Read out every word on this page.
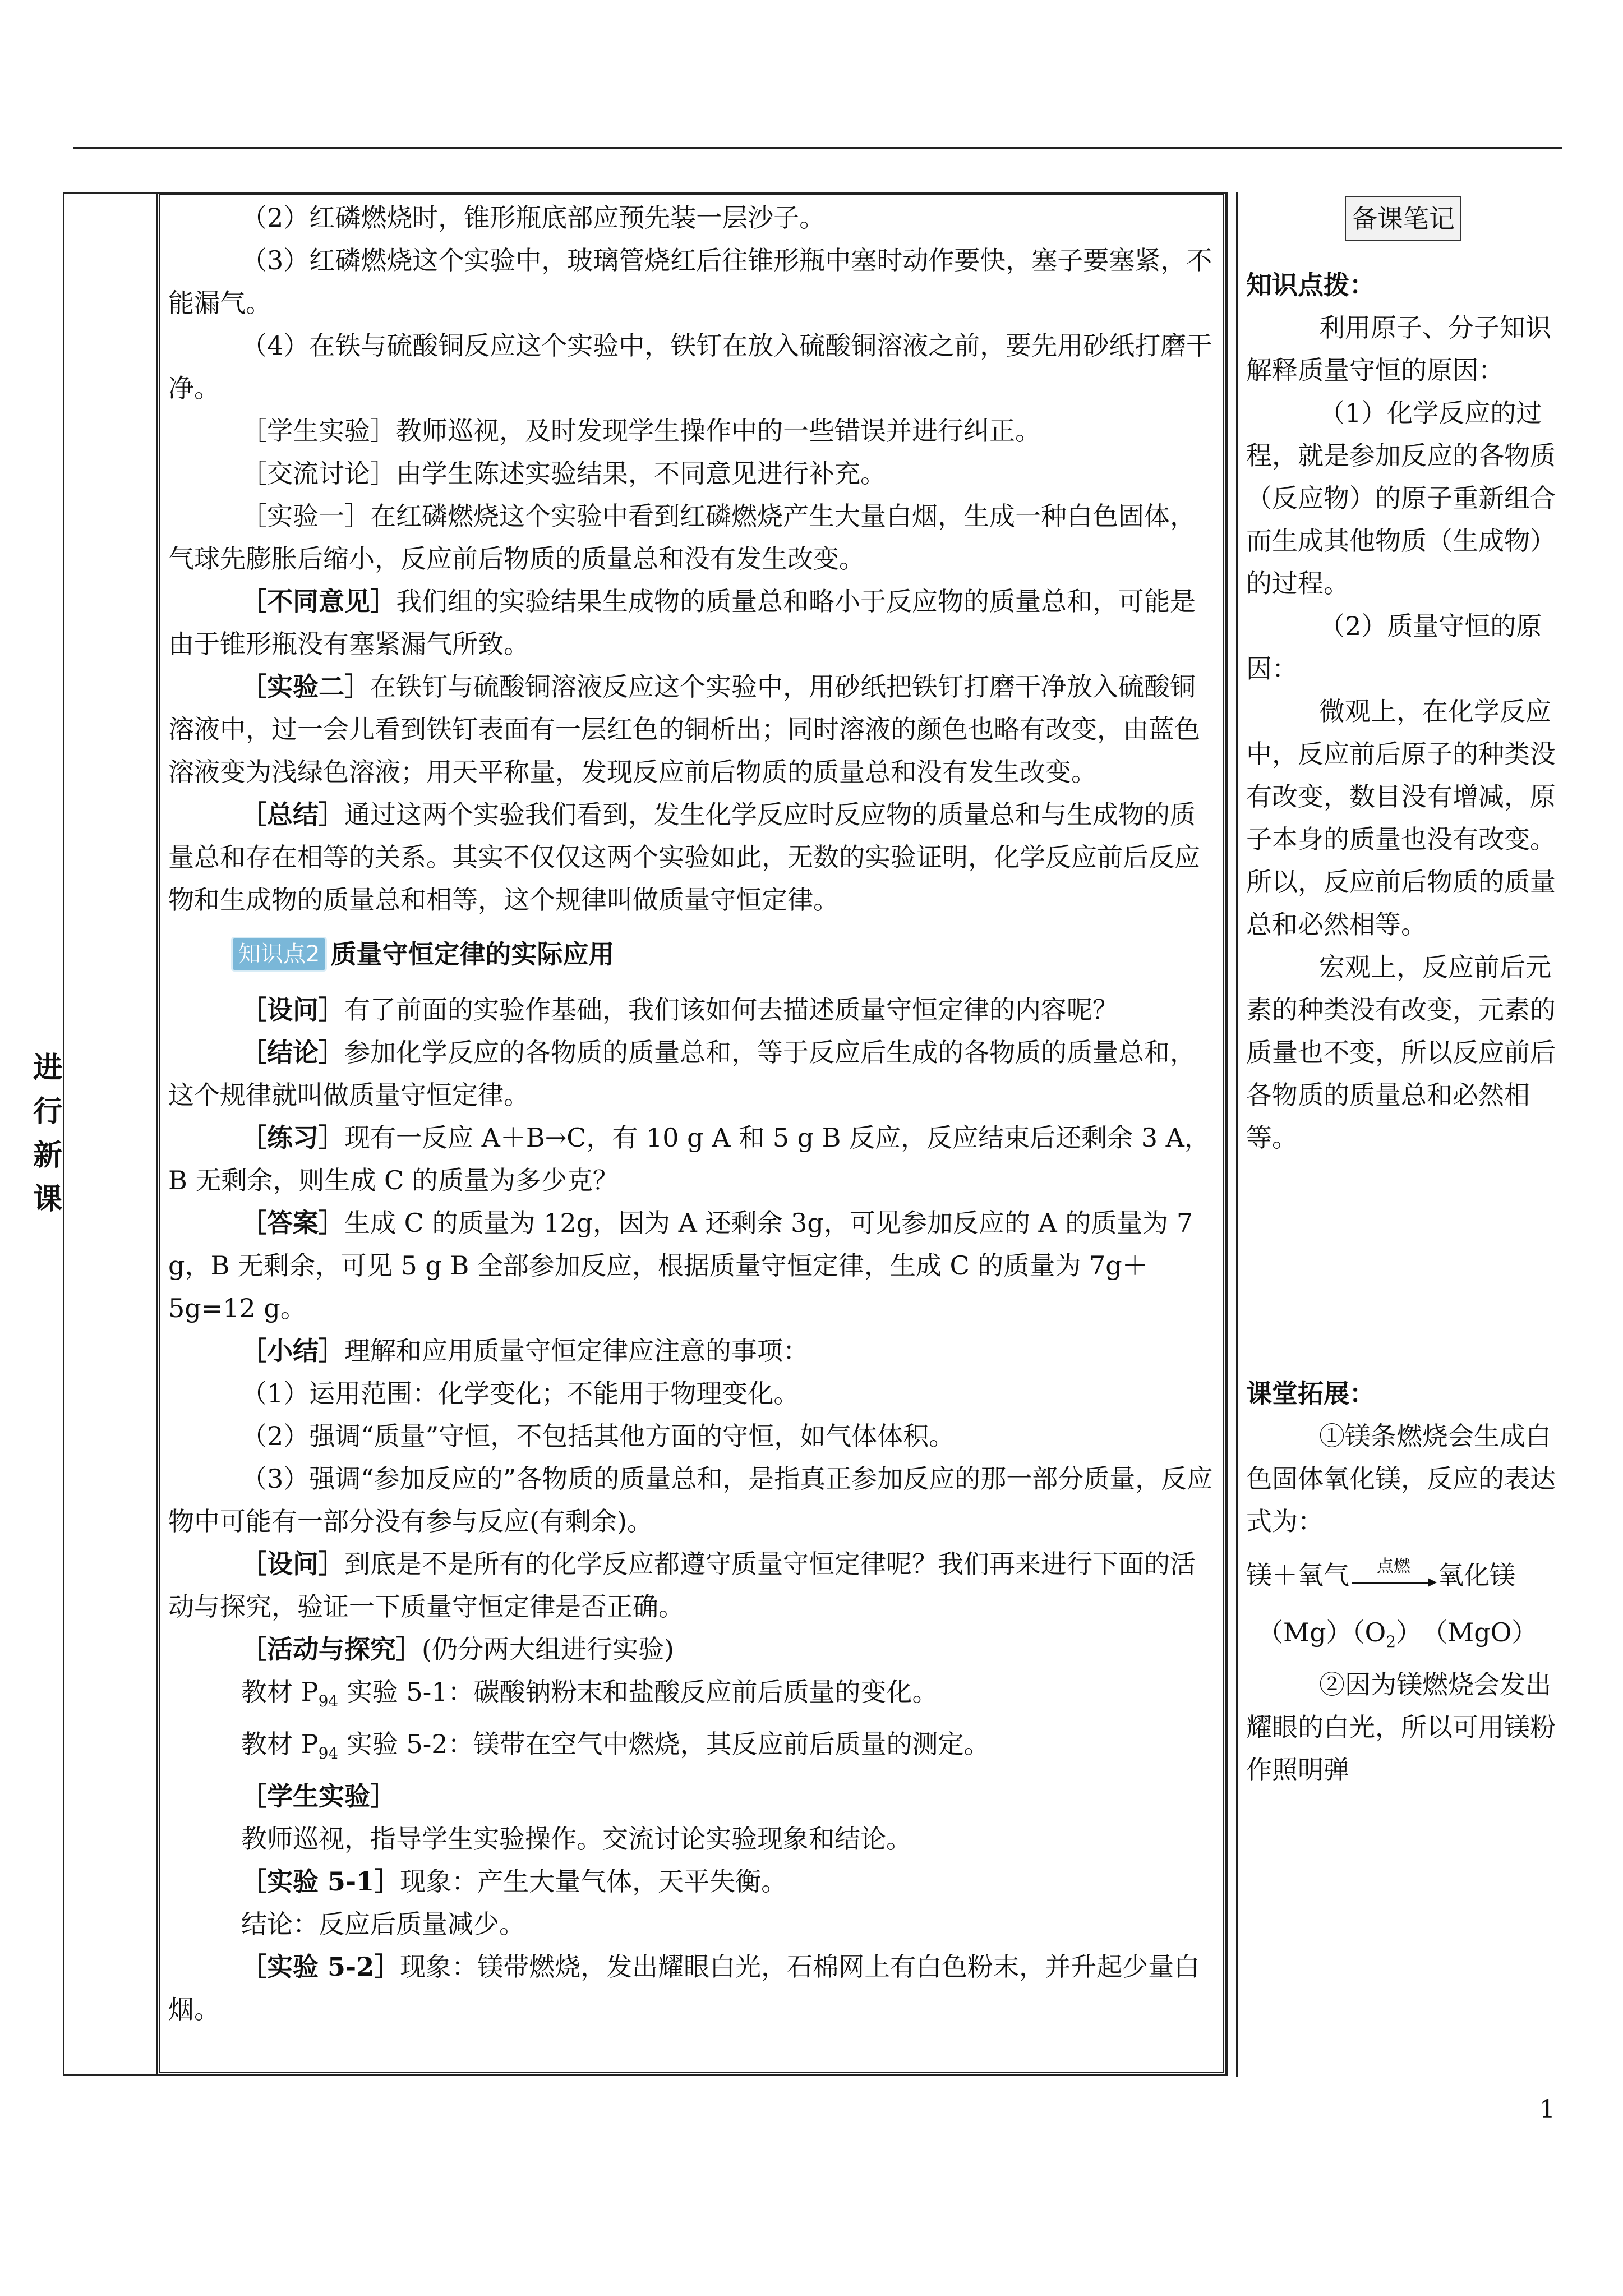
进
行
新
课

（2）红磷燃烧时，锥形瓶底部应预先装一层沙子。

（3）红磷燃烧这个实验中，玻璃管烧红后往锥形瓶中塞时动作要快，塞子要塞紧，不能漏气。

（4）在铁与硫酸铜反应这个实验中，铁钉在放入硫酸铜溶液之前，要先用砂纸打磨干净。

［学生实验］教师巡视，及时发现学生操作中的一些错误并进行纠正。

［交流讨论］由学生陈述实验结果，不同意见进行补充。

［实验一］在红磷燃烧这个实验中看到红磷燃烧产生大量白烟，生成一种白色固体，气球先膨胀后缩小，反应前后物质的质量总和没有发生改变。

［不同意见］我们组的实验结果生成物的质量总和略小于反应物的质量总和，可能是由于锥形瓶没有塞紧漏气所致。

［实验二］在铁钉与硫酸铜溶液反应这个实验中，用砂纸把铁钉打磨干净放入硫酸铜溶液中，过一会儿看到铁钉表面有一层红色的铜析出；同时溶液的颜色也略有改变，由蓝色溶液变为浅绿色溶液；用天平称量，发现反应前后物质的质量总和没有发生改变。

［总结］通过这两个实验我们看到，发生化学反应时反应物的质量总和与生成物的质量总和存在相等的关系。其实不仅仅这两个实验如此，无数的实验证明，化学反应前后反应物和生成物的质量总和相等，这个规律叫做质量守恒定律。

知识点2 质量守恒定律的实际应用

［设问］有了前面的实验作基础，我们该如何去描述质量守恒定律的内容呢？

［结论］参加化学反应的各物质的质量总和，等于反应后生成的各物质的质量总和，这个规律就叫做质量守恒定律。

［练习］现有一反应 A＋B→C，有 10 g A 和 5 g B 反应，反应结束后还剩余 3 A，B 无剩余，则生成 C 的质量为多少克？

［答案］生成 C 的质量为 12g，因为 A 还剩余 3g，可见参加反应的 A 的质量为 7 g，B 无剩余，可见 5 g B 全部参加反应，根据质量守恒定律，生成 C 的质量为 7g＋5g=12 g。

［小结］理解和应用质量守恒定律应注意的事项：

（1）运用范围：化学变化；不能用于物理变化。

（2）强调“质量”守恒，不包括其他方面的守恒，如气体体积。

（3）强调“参加反应的”各物质的质量总和，是指真正参加反应的那一部分质量，反应物中可能有一部分没有参与反应(有剩余)。

［设问］到底是不是所有的化学反应都遵守质量守恒定律呢？我们再来进行下面的活动与探究，验证一下质量守恒定律是否正确。

［活动与探究］(仍分两大组进行实验)

教材 $P_{94}$ 实验 5-1：碳酸钠粉末和盐酸反应前后质量的变化。

教材 $P_{94}$ 实验 5-2：镁带在空气中燃烧，其反应前后质量的测定。

［学生实验］

教师巡视，指导学生实验操作。交流讨论实验现象和结论。

［实验 5-1］现象：产生大量气体，天平失衡。

结论：反应后质量减少。

［实验 5-2］现象：镁带燃烧，发出耀眼白光，石棉网上有白色粉末，并升起少量白烟。

备课笔记

知识点拨：

利用原子、分子知识解释质量守恒的原因：

（1）化学反应的过程，就是参加反应的各物质（反应物）的原子重新组合而生成其他物质（生成物）的过程。

（2）质量守恒的原因：

微观上，在化学反应中，反应前后原子的种类没有改变，数目没有增减，原子本身的质量也没有改变。所以，反应前后物质的质量总和必然相等。

宏观上，反应前后元素的种类没有改变，元素的质量也不变，所以反应前后各物质的质量总和必然相等。

课堂拓展：

①镁条燃烧会生成白色固体氧化镁，反应的表达式为：

镁＋氧气	点燃	氧化镁

$(Mg)(O_2)$　（MgO）

②因为镁燃烧会发出耀眼的白光，所以可用镁粉作照明弹

1
